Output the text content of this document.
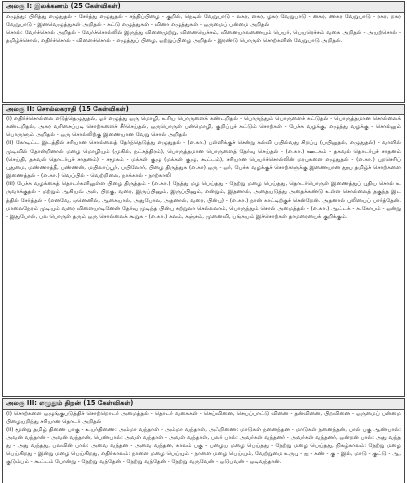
அலகு I: இலக்கணம் (25 கேள்விகள்)

எழுத்து: பிரித்து எழுதுதல் - சேர்த்து எழுதுதல் - சந்திப்பிழை - குறில், நெடில் வேறுபாடு - லகர, ளகர, ழகர வேறுபாடு - னகர, ணகர வேறுபாடு - ரகர, றகர வேறுபாடு - இனவெழுத்துகள் அறிதல் - சுட்டு எழுத்துகள் - வினா எழுத்துகள் - ஒருமைப் பன்மை அறிதல்

சொல்: வேர்ச்சொல் அறிதல் - வேர்ச்சொல்லில் இருந்து வினைமுற்று, வினையெச்சம், வினையாலணையும் பெயர், பெயரெச்சம் வகை அறிதல் - அயற்சொல் - தமிழ்ச்சொல், எதிர்ச்சொல் - விளைச்சொல் - எழுத்துப் பிழை, ஒற்றுப்பிழை அறிதல் - இரண்டு பொருள் சொற்களின் வேறுபாடு அறிதல்.

அலகு II: சொல்லகராதி (15 கேள்விகள்)

(i) எதிர்ச்சொல்லை எடுத்தெழுதுதல், ஓர் எழுத்து ஒரு மொழி, உரிய பொருளைக் கண்டறிதல் - பொருந்தும் பொருளைச் சுட்டுதல் - பொருத்தமான சொல்லைக் கண்டறிதல், அகர வரிசைப்படி சொற்களைச் சீர்செய்தல், ஒருபொருள் பன்மொழி, குறிப்புச் சுட்டும் சொற்கள் - பேச்சு வழக்கு, எழுத்து வழக்கு - சொல்லும் பொருளும் அறிதல் - ஒரு சொல்லிற்கு இணையான வேறு சொல் அறிதல்

(ii) கோடிட்ட இடத்தில் சரியான சொல்லைத் தேர்ந்தெடுத்து எழுதுதல் - (எ.கா.) பள்ளிக்குச் சென்று கல்வி பயில்வது சிறப்பு (பயிலுதல், எழுதுதல்) - வாளில் முடிவில் தோன்றினால் மழை மொழியும் (முகில், நட்சத்திரம்), பொருத்தமான பொருளைத் தேர்வு செய்தல் - (எ.கா.) ஊடகம் - தகவல் தொடர்புச் சாதனம் (செய்தி, தகவல் தொடர்புச் சாதனம்) - சமூகம் - மக்கள் குழு (மக்கள் குழு, கூட்டம்), சரியான பெயர்ச்சொல்லின் மரபுகளை எழுதுதல் - (எ.கா.) புறசெரிப் புதுமை, மண்ணாத்தீ, பண்ணன், மயிலாப்பூர், பயிலோர், பிழை திருத்துக (எ.கா) ஒரு - ஒர், பேச்சு வழக்குச் சொற்களுக்கு இணையான தூய தமிழ்ச் சொற்களை இணைத்தல் - (எ.கா.) வெப்பில் - வெற்றிலை, நாக்கால் - நாற்காலி

(iii) பேச்சு வழக்கைத் தொடர்களிலுள்ள பிழை திருத்தம் - (எ.கா.) நேத்து மழ பெய்தது - நேற்று மழை பெய்தது, தொடர்பொருள் இணைத்துப் புதிய சொல் உருவாக்குதல் - மற்றும் ஆகியவ் அல், பிறகு, வரை, இருப்பினும், இருப்பினும், என்றும், இதனால், அதையடுத்து அதைக்கண்டு உள்ள சொல்லைத் தகுந்த இடத்தில் சேர்த்தல் - (எனவே, ஏனெனில், ஆகையால், அதுபோல, அதனால், வரை, பின்பு) - (எ.கா.) நான் காட்டிற்குச் சென்றேன். அதனால் புலியைப் பார்த்தேன். மாலைநேரம் முடியும் வரை விளையாடினேன் தேர்வு முடிந்த பின்பு சுற்றுலா செல்லலாம், பொருந்தும் சொல் அமைத்தல் - (எ.கா.) ஆட்டக் - சு.கோபம் - ஒன்று - இதுபோல், பல பொருள் தரும் ஒரு சொல்லைக் கூறுக - (எ.கா.) கலம், கஞ்சம், முனைவி, பங்கயம் இச்சொற்கள் தாமரையைக் குறிக்கும்.

அலகு III: எழுதும் திறன் (15 கேள்விகள்)

(i) சொற்களை ஒழுங்குபடுத்திச் சொற்றொடர் அமைத்தல் - தொடர் வகைகள் - செய்வினை, செயப்பாட்டு வினை - தன்வினை, பிறவினை - ஒருமைப் பன்மை பிழையறிந்து சரியான தொடர் அறிதல்

(ii) மூன்று தமிழ் திணை பாகு - உயர்திணை: அம்மா வந்தாள் - அம்மா வந்தாள், அஃறிணை: மாடுகள் நனைந்தன - மாடுகள் நனைந்தன், பால் பகு ஆண்பால்: அவன் வந்தான் - அவன் வந்தான், பெண்பால்: அவள் வந்தாள் - அவள் வந்தாள், பலர் பால்: அவர்கள் வந்தனர் - அவர்கள் வந்தனர், ஒன்றன் பால்: அது வந்தது - அது வந்தது, பலவின் பால்: அவை வந்தன - அவை வந்தன, காலம் பகு - பழைய மழை பெய்தது - நேற்று மழை பெய்தது, நிகழ்காலம்: நேற்று மழை பெய்கிறது - இன்று மழை பெய்கிறது, எதிர்காலம்: நாளை மழை பெய்யும் - நாளை மழை பெய்யும், வேற்றுமை உருபு - ஐ - கண் - கு - இல், மாடு - குட்டு - ஆ, குடும்பம் - கூட்டம் போன்று - நேற்று வந்தேன் - நேற்று வந்தேன் - நேற்று வருவேன் - ஒடுபவன் - ஒடிவந்தான்.
